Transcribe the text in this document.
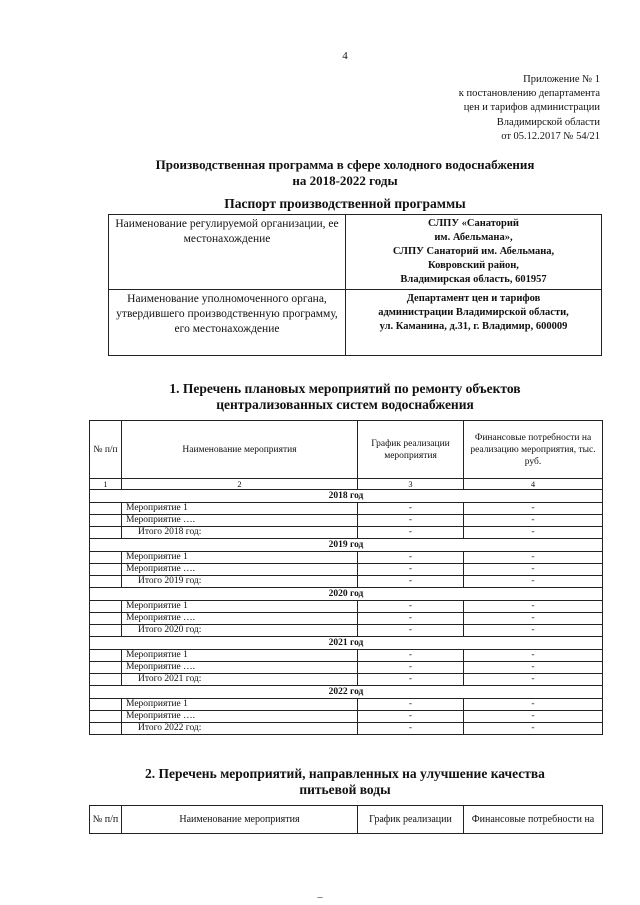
4
Приложение № 1
к постановлению департамента
цен и тарифов администрации
Владимирской области
от 05.12.2017 № 54/21
Производственная программа в сфере холодного водоснабжения
на 2018-2022 годы
Паспорт производственной программы
Наименование регулируемой организации, ее местонахождение	СЛПУ «Санаторий
им. Абельмана»,
СЛПУ Санаторий им. Абельмана,
Ковровский район,
Владимирская область, 601957

Наименование уполномоченного органа, утвердившего производственную программу, его местонахождение	Департамент цен и тарифов
администрации Владимирской области,
ул. Каманина, д.31, г. Владимир, 600009
1. Перечень плановых мероприятий по ремонту объектов
централизованных систем водоснабжения
№ п/п	Наименование мероприятия	График реализации мероприятия	Финансовые потребности на реализацию мероприятия, тыс. руб.
1	2	3	4
2018 год			
	Мероприятие 1	-	-
	Мероприятие ….	-	-
	Итого 2018 год:	-	-
2019 год			
	Мероприятие 1	-	-
	Мероприятие ….	-	-
	Итого 2019 год:	-	-
2020 год			
	Мероприятие 1	-	-
	Мероприятие ….	-	-
	Итого 2020 год:	-	-
2021 год			
	Мероприятие 1	-	-
	Мероприятие ….	-	-
	Итого 2021 год:	-	-
2022 год			
	Мероприятие 1	-	-
	Мероприятие ….	-	-
	Итого 2022 год:	-	-
2. Перечень мероприятий, направленных на улучшение качества
питьевой воды
№ п/п	Наименование мероприятия	График реализации	Финансовые потребности на
–
